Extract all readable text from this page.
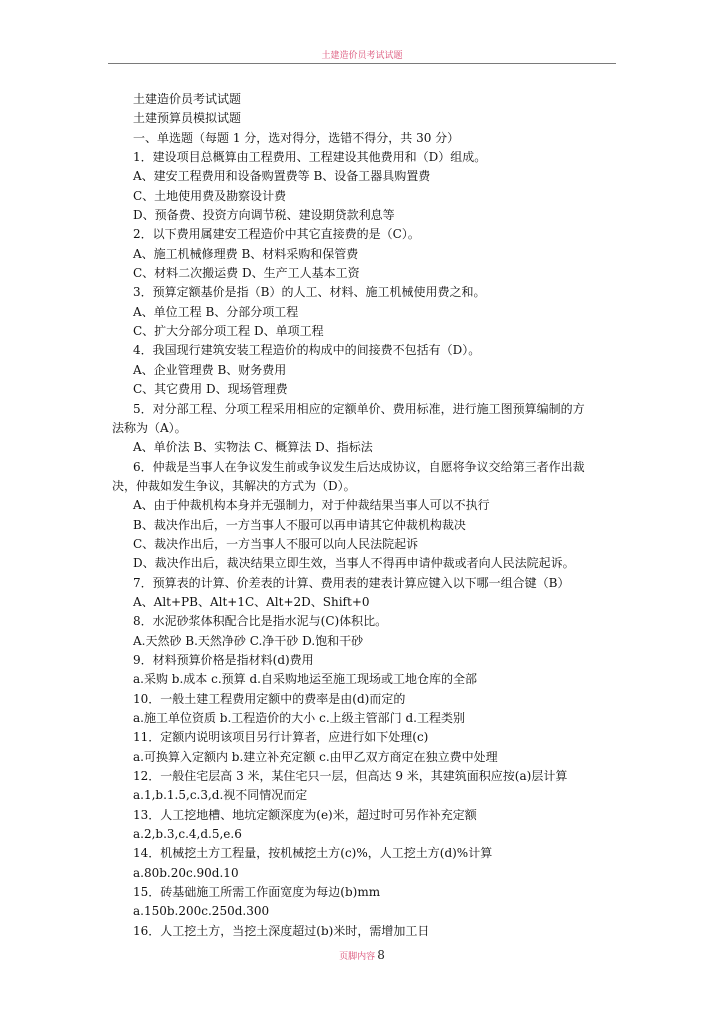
土建造价员考试试题
土建造价员考试试题
土建预算员模拟试题
一、单选题（每题 1 分，选对得分，选错不得分，共 30 分）
1．建设项目总概算由工程费用、工程建设其他费用和（D）组成。
A、建安工程费用和设备购置费等 B、设备工器具购置费
C、土地使用费及勘察设计费
D、预备费、投资方向调节税、建设期贷款利息等
2．以下费用属建安工程造价中其它直接费的是（C）。
A、施工机械修理费 B、材料采购和保管费
C、材料二次搬运费 D、生产工人基本工资
3．预算定额基价是指（B）的人工、材料、施工机械使用费之和。
A、单位工程 B、分部分项工程
C、扩大分部分项工程 D、单项工程
4．我国现行建筑安装工程造价的构成中的间接费不包括有（D）。
A、企业管理费 B、财务费用
C、其它费用 D、现场管理费
5．对分部工程、分项工程采用相应的定额单价、费用标准，进行施工图预算编制的方
法称为（A）。
A、单价法 B、实物法 C、概算法 D、指标法
6．仲裁是当事人在争议发生前或争议发生后达成协议，自愿将争议交给第三者作出裁
决，仲裁如发生争议，其解决的方式为（D）。
A、由于仲裁机构本身并无强制力，对于仲裁结果当事人可以不执行
B、裁决作出后，一方当事人不服可以再申请其它仲裁机构裁决
C、裁决作出后，一方当事人不服可以向人民法院起诉
D、裁决作出后，裁决结果立即生效，当事人不得再申请仲裁或者向人民法院起诉。
7．预算表的计算、价差表的计算、费用表的建表计算应键入以下哪一组合键（B）
A、Alt+PB、Alt+1C、Alt+2D、Shift+0
8．水泥砂浆体积配合比是指水泥与(C)体积比。
A.天然砂 B.天然净砂 C.净干砂 D.饱和干砂
9．材料预算价格是指材料(d)费用
a.采购 b.成本 c.预算 d.自采购地运至施工现场或工地仓库的全部
10．一般土建工程费用定额中的费率是由(d)而定的
a.施工单位资质 b.工程造价的大小 c.上级主管部门 d.工程类别
11．定额内说明该项目另行计算者，应进行如下处理(c)
a.可换算入定额内 b.建立补充定额 c.由甲乙双方商定在独立费中处理
12．一般住宅层高 3 米，某住宅只一层，但高达 9 米，其建筑面积应按(a)层计算
a.1,b.1.5,c.3,d.视不同情况而定
13．人工挖地槽、地坑定额深度为(e)米，超过时可另作补充定额
a.2,b.3,c.4,d.5,e.6
14．机械挖土方工程量，按机械挖土方(c)%，人工挖土方(d)%计算
a.80b.20c.90d.10
15．砖基础施工所需工作面宽度为每边(b)mm
a.150b.200c.250d.300
16．人工挖土方，当挖土深度超过(b)米时，需增加工日
页脚内容 8
